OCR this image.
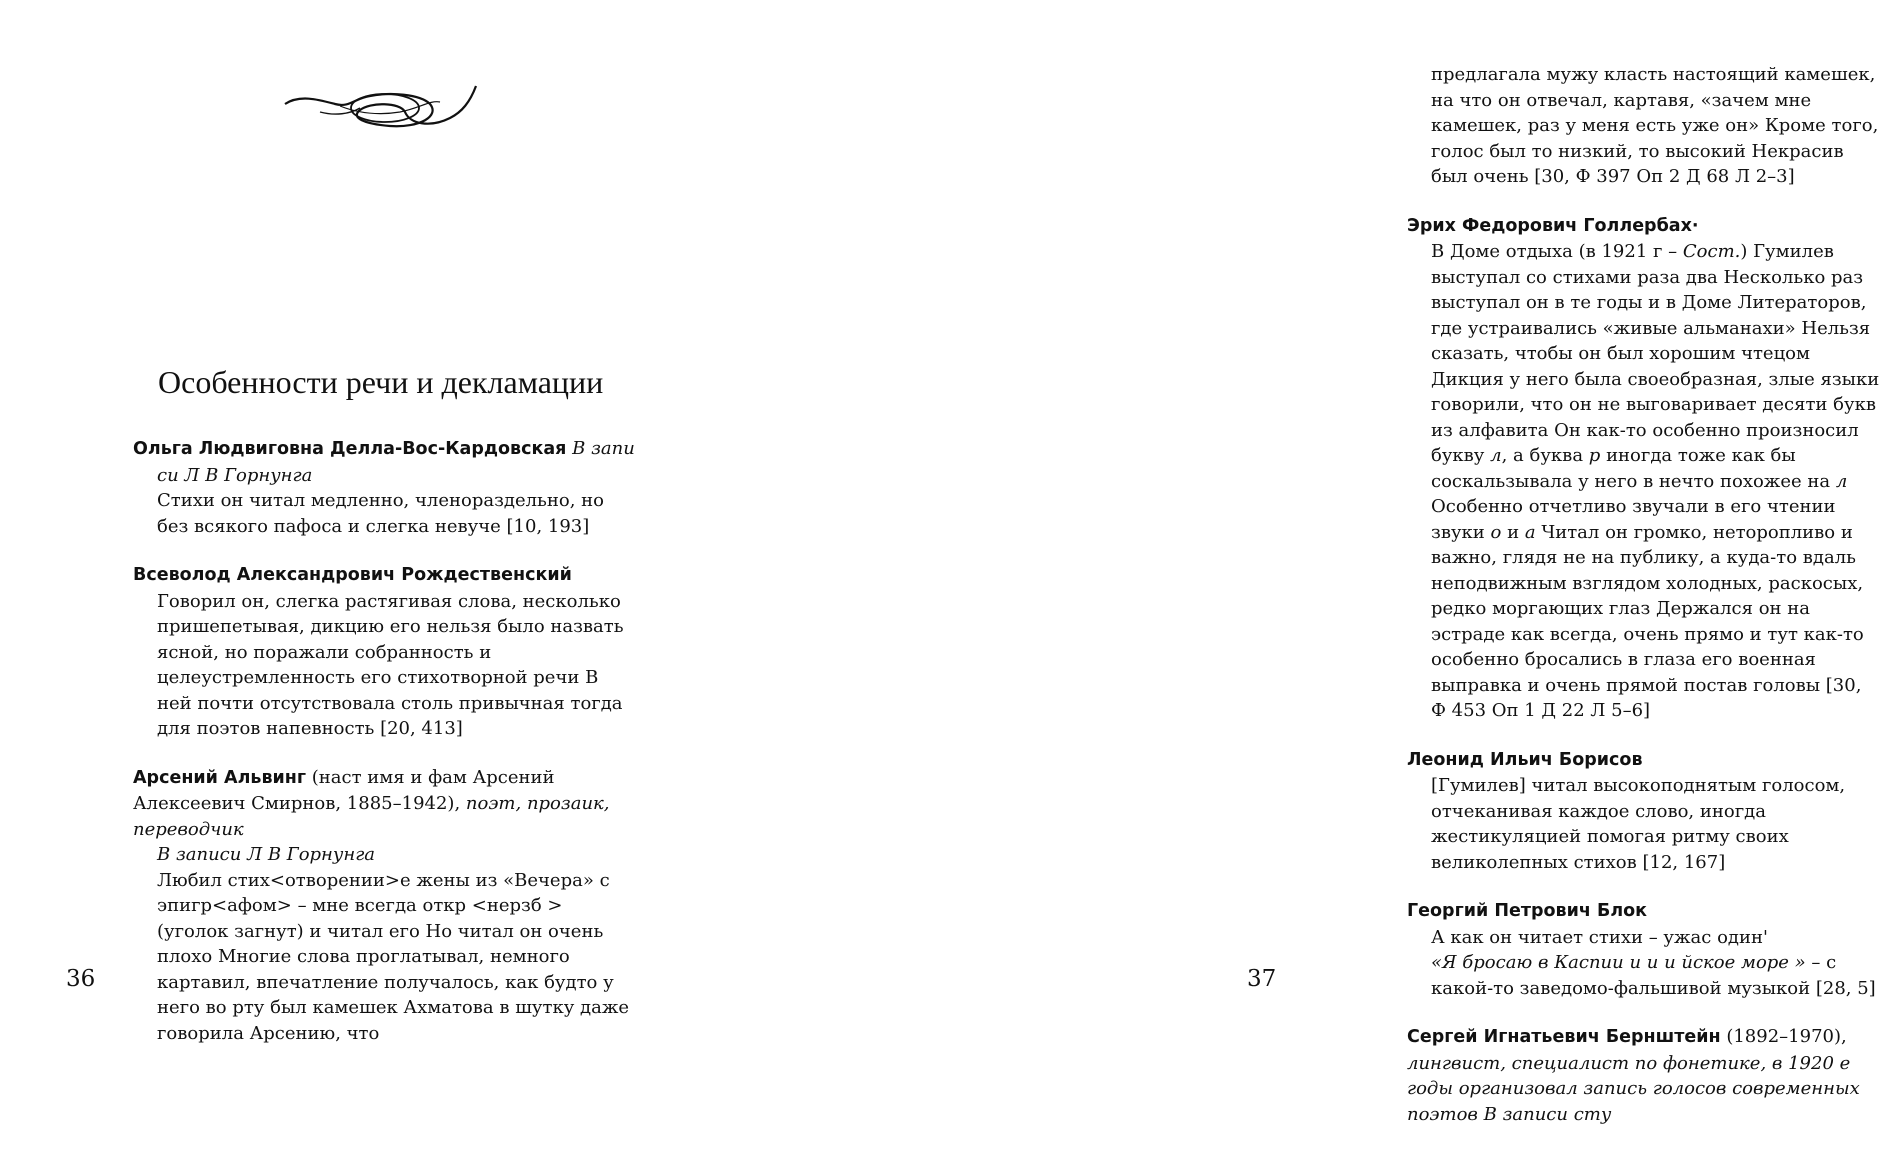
Особенности речи и декламации

Ольга Людвиговна Делла-Вос-Кардовская В запи

си Л В Горнунга

Стихи он читал медленно, членораздельно, но без всякого пафоса и слегка невуче [10, 193]

Всеволод Александрович Рождественский

Говорил он, слегка растягивая слова, несколько пришепетывая, дикцию его нельзя было назвать ясной, но поражали собранность и целеустремленность его стихотворной речи В ней почти отсутствовала столь привычная тогда для поэтов напевность [20, 413]

Арсений Альвинг (наст имя и фам Арсений Алексеевич Смирнов, 1885–1942), поэт, прозаик, переводчик

В записи Л В Горнунга

Любил стих<отворении>е жены из «Вечера» с эпигр<афом> – мне всегда откр <нерзб > (уголок загнут) и читал его Но читал он очень плохо Многие слова проглатывал, немного картавил, впечатление получалось, как будто у него во рту был камешек Ахматова в шутку даже говорила Арсению, что

36

предлагала мужу класть настоящий камешек, на что он отвечал, картавя, «зачем мне камешек, раз у меня есть уже он» Кроме того, голос был то низкий, то высокий Некрасив был очень [30, Ф 397 Оп 2 Д 68 Л 2–3]

Эрих Федорович Голлербах·

В Доме отдыха (в 1921 г – Сост.) Гумилев выступал со стихами раза два Несколько раз выступал он в те годы и в Доме Литераторов, где устраивались «живые альманахи» Нельзя сказать, чтобы он был хорошим чтецом Дикция у него была своеобразная, злые языки говорили, что он не выговаривает десяти букв из алфавита Он как-то особенно произносил букву л, а буква р иногда тоже как бы соскальзывала у него в нечто похожее на л Особенно отчетливо звучали в его чтении звуки о и а Читал он громко, неторопливо и важно, глядя не на публику, а куда-то вдаль неподвижным взглядом холодных, раскосых, редко моргающих глаз Держался он на эстраде как всегда, очень прямо и тут как-то особенно бросались в глаза его военная выправка и очень прямой постав головы [30, Ф 453 Оп 1 Д 22 Л 5–6]

Леонид Ильич Борисов

[Гумилев] читал высокоподнятым голосом, отчеканивая каждое слово, иногда жестикуляцией помогая ритму своих великолепных стихов [12, 167]

Георгий Петрович Блок

А как он читает стихи – ужас один'
«Я бросаю в Каспии и и и йское море » – с какой-то заведомо-фальшивой музыкой [28, 5]

Сергей Игнатьевич Бернштейн (1892–1970), лингвист, специалист по фонетике, в 1920 е годы организовал запись голосов современных поэтов В записи сту

37
